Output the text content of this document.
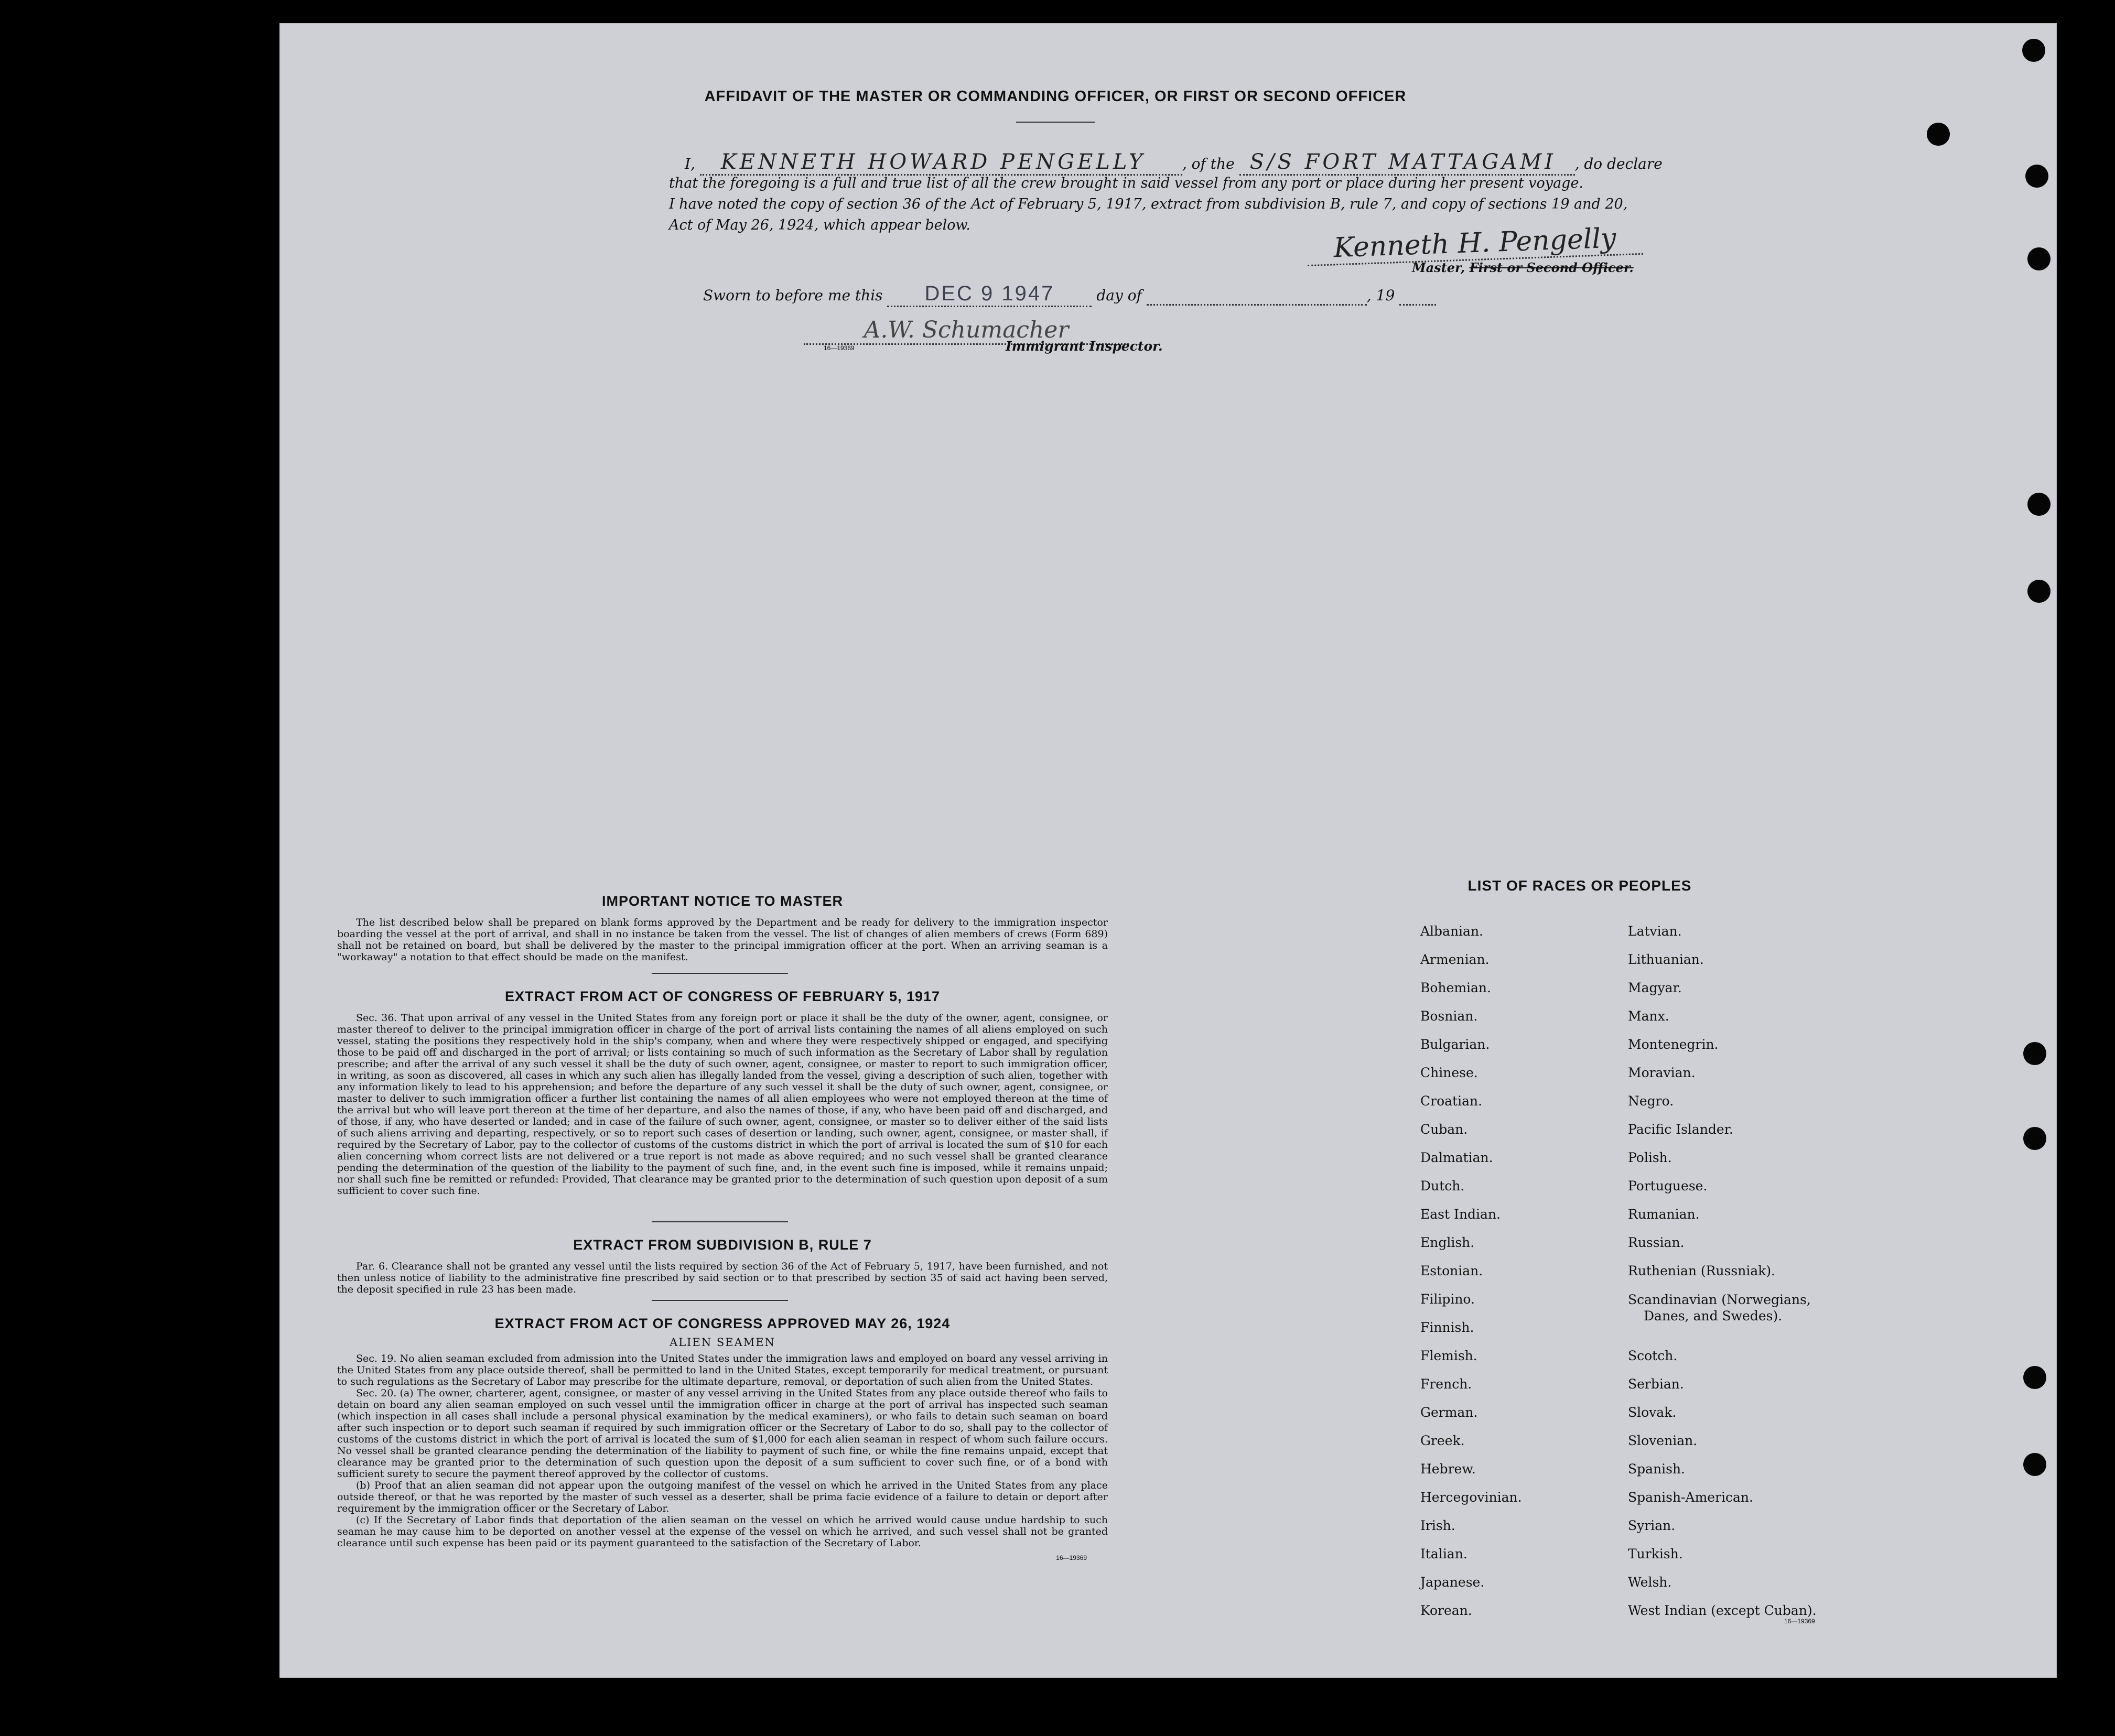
AFFIDAVIT OF THE MASTER OR COMMANDING OFFICER, OR FIRST OR SECOND OFFICER
I, KENNETH HOWARD PENGELLY , of the S/S FORT MATTAGAMI , do declare
that the foregoing is a full and true list of all the crew brought in said vessel from any port or place during her present voyage.
I have noted the copy of section 36 of the Act of February 5, 1917, extract from subdivision B, rule 7, and copy of sections 19 and 20,
Act of May 26, 1924, which appear below.	Kenneth H. Pengelly
Master, First or Second Officer.
Sworn to before me this DEC 9 1947	day of	, 19
A.W. Schumacher
16—19369	Immigrant Inspector.
IMPORTANT NOTICE TO MASTER

The list described below shall be prepared on blank forms approved by the Department and be ready for delivery to the immigration inspector boarding the vessel at the port of arrival, and shall in no instance be taken from the vessel. The list of changes of alien members of crews (Form 689) shall not be retained on board, but shall be delivered by the master to the principal immigration officer at the port. When an arriving seaman is a "workaway" a notation to that effect should be made on the manifest.

EXTRACT FROM ACT OF CONGRESS OF FEBRUARY 5, 1917

Sec. 36. That upon arrival of any vessel in the United States from any foreign port or place it shall be the duty of the owner, agent, consignee, or master thereof to deliver to the principal immigration officer in charge of the port of arrival lists containing the names of all aliens employed on such vessel, stating the positions they respectively hold in the ship's company, when and where they were respectively shipped or engaged, and specifying those to be paid off and discharged in the port of arrival; or lists containing so much of such information as the Secretary of Labor shall by regulation prescribe; and after the arrival of any such vessel it shall be the duty of such owner, agent, consignee, or master to report to such immigration officer, in writing, as soon as discovered, all cases in which any such alien has illegally landed from the vessel, giving a description of such alien, together with any information likely to lead to his apprehension; and before the departure of any such vessel it shall be the duty of such owner, agent, consignee, or master to deliver to such immigration officer a further list containing the names of all alien employees who were not employed thereon at the time of the arrival but who will leave port thereon at the time of her departure, and also the names of those, if any, who have been paid off and discharged, and of those, if any, who have deserted or landed; and in case of the failure of such owner, agent, consignee, or master so to deliver either of the said lists of such aliens arriving and departing, respectively, or so to report such cases of desertion or landing, such owner, agent, consignee, or master shall, if required by the Secretary of Labor, pay to the collector of customs of the customs district in which the port of arrival is located the sum of $10 for each alien concerning whom correct lists are not delivered or a true report is not made as above required; and no such vessel shall be granted clearance pending the determination of the question of the liability to the payment of such fine, and, in the event such fine is imposed, while it remains unpaid; nor shall such fine be remitted or refunded: Provided, That clearance may be granted prior to the determination of such question upon deposit of a sum sufficient to cover such fine.

EXTRACT FROM SUBDIVISION B, RULE 7

Par. 6. Clearance shall not be granted any vessel until the lists required by section 36 of the Act of February 5, 1917, have been furnished, and not then unless notice of liability to the administrative fine prescribed by said section or to that prescribed by section 35 of said act having been served, the deposit specified in rule 23 has been made.

EXTRACT FROM ACT OF CONGRESS APPROVED MAY 26, 1924
ALIEN SEAMEN

Sec. 19. No alien seaman excluded from admission into the United States under the immigration laws and employed on board any vessel arriving in the United States from any place outside thereof, shall be permitted to land in the United States, except temporarily for medical treatment, or pursuant to such regulations as the Secretary of Labor may prescribe for the ultimate departure, removal, or deportation of such alien from the United States.

Sec. 20. (a) The owner, charterer, agent, consignee, or master of any vessel arriving in the United States from any place outside thereof who fails to detain on board any alien seaman employed on such vessel until the immigration officer in charge at the port of arrival has inspected such seaman (which inspection in all cases shall include a personal physical examination by the medical examiners), or who fails to detain such seaman on board after such inspection or to deport such seaman if required by such immigration officer or the Secretary of Labor to do so, shall pay to the collector of customs of the customs district in which the port of arrival is located the sum of $1,000 for each alien seaman in respect of whom such failure occurs. No vessel shall be granted clearance pending the determination of the liability to payment of such fine, or while the fine remains unpaid, except that clearance may be granted prior to the determination of such question upon the deposit of a sum sufficient to cover such fine, or of a bond with sufficient surety to secure the payment thereof approved by the collector of customs.

(b) Proof that an alien seaman did not appear upon the outgoing manifest of the vessel on which he arrived in the United States from any place outside thereof, or that he was reported by the master of such vessel as a deserter, shall be prima facie evidence of a failure to detain or deport after requirement by the immigration officer or the Secretary of Labor.

(c) If the Secretary of Labor finds that deportation of the alien seaman on the vessel on which he arrived would cause undue hardship to such seaman he may cause him to be deported on another vessel at the expense of the vessel on which he arrived, and such vessel shall not be granted clearance until such expense has been paid or its payment guaranteed to the satisfaction of the Secretary of Labor.

16—19369
LIST OF RACES OR PEOPLES
Albanian.
Armenian.
Bohemian.
Bosnian.
Bulgarian.
Chinese.
Croatian.
Cuban.
Dalmatian.
Dutch.
East Indian.
English.
Estonian.
Filipino.
Finnish.
Flemish.
French.
German.
Greek.
Hebrew.
Hercegovinian.
Irish.
Italian.
Japanese.
Korean.
Latvian.
Lithuanian.
Magyar.
Manx.
Montenegrin.
Moravian.
Negro.
Pacific Islander.
Polish.
Portuguese.
Rumanian.
Russian.
Ruthenian (Russniak).
Scandinavian (Norwegians,
Danes, and Swedes).
Scotch.
Serbian.
Slovak.
Slovenian.
Spanish.
Spanish-American.
Syrian.
Turkish.
Welsh.
West Indian (except Cuban).
16—19369
